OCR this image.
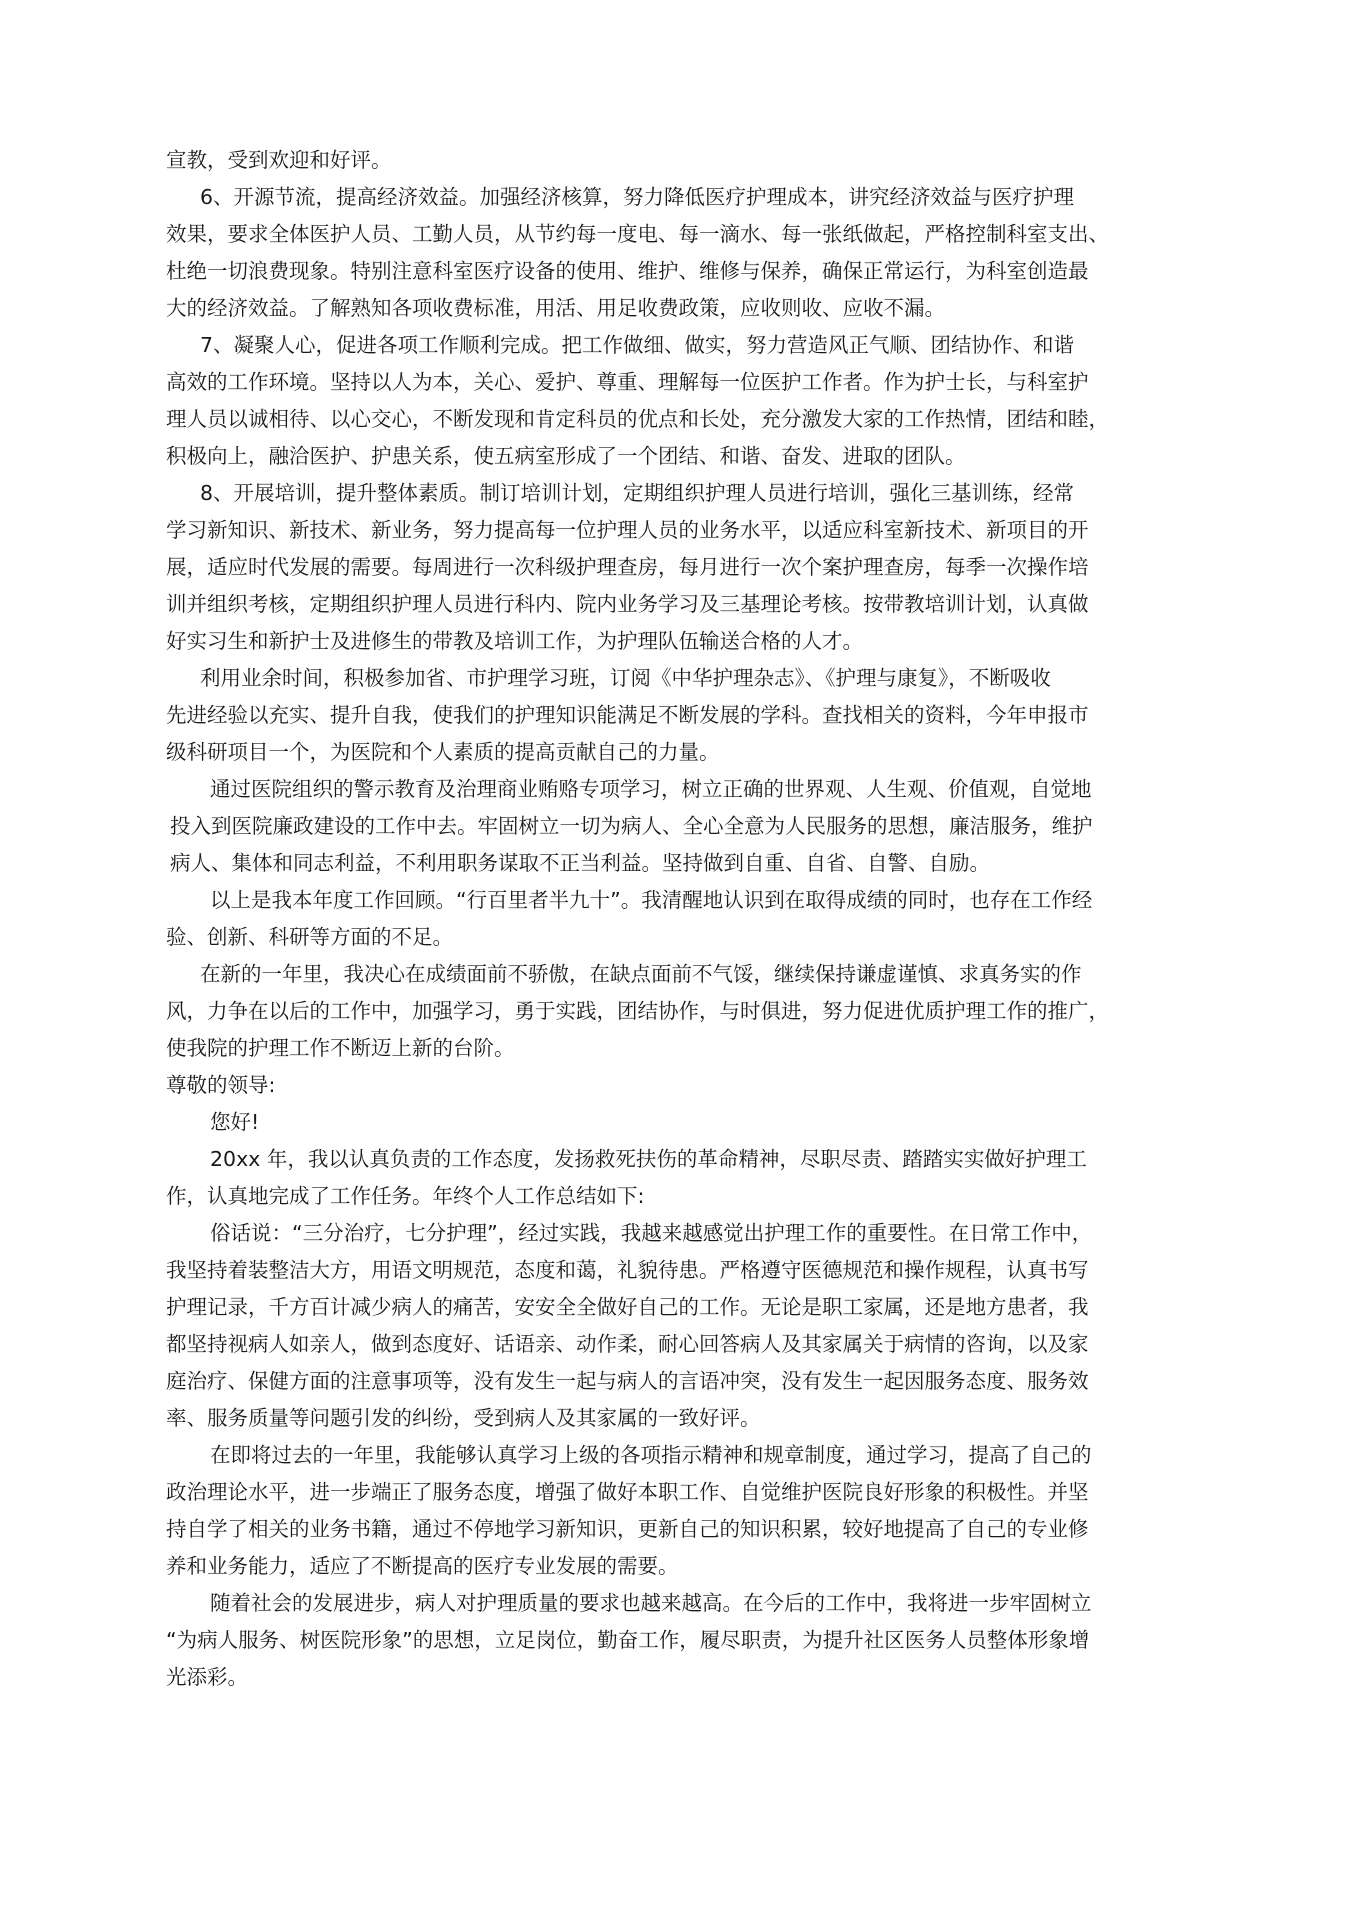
宣教，受到欢迎和好评。
6、开源节流，提高经济效益。加强经济核算，努力降低医疗护理成本，讲究经济效益与医疗护理
效果，要求全体医护人员、工勤人员，从节约每一度电、每一滴水、每一张纸做起，严格控制科室支出、
杜绝一切浪费现象。特别注意科室医疗设备的使用、维护、维修与保养，确保正常运行，为科室创造最
大的经济效益。了解熟知各项收费标准，用活、用足收费政策，应收则收、应收不漏。
7、凝聚人心，促进各项工作顺利完成。把工作做细、做实，努力营造风正气顺、团结协作、和谐
高效的工作环境。坚持以人为本，关心、爱护、尊重、理解每一位医护工作者。作为护士长，与科室护
理人员以诚相待、以心交心，不断发现和肯定科员的优点和长处，充分激发大家的工作热情，团结和睦，
积极向上，融洽医护、护患关系，使五病室形成了一个团结、和谐、奋发、进取的团队。
8、开展培训，提升整体素质。制订培训计划，定期组织护理人员进行培训，强化三基训练，经常
学习新知识、新技术、新业务，努力提高每一位护理人员的业务水平，以适应科室新技术、新项目的开
展，适应时代发展的需要。每周进行一次科级护理查房，每月进行一次个案护理查房，每季一次操作培
训并组织考核，定期组织护理人员进行科内、院内业务学习及三基理论考核。按带教培训计划，认真做
好实习生和新护士及进修生的带教及培训工作，为护理队伍输送合格的人才。
利用业余时间，积极参加省、市护理学习班，订阅《中华护理杂志》、《护理与康复》，不断吸收
先进经验以充实、提升自我，使我们的护理知识能满足不断发展的学科。查找相关的资料，今年申报市
级科研项目一个，为医院和个人素质的提高贡献自己的力量。
通过医院组织的警示教育及治理商业贿赂专项学习，树立正确的世界观、人生观、价值观，自觉地
投入到医院廉政建设的工作中去。牢固树立一切为病人、全心全意为人民服务的思想，廉洁服务，维护
病人、集体和同志利益，不利用职务谋取不正当利益。坚持做到自重、自省、自警、自励。
以上是我本年度工作回顾。“行百里者半九十”。我清醒地认识到在取得成绩的同时，也存在工作经
验、创新、科研等方面的不足。
在新的一年里，我决心在成绩面前不骄傲，在缺点面前不气馁，继续保持谦虚谨慎、求真务实的作
风，力争在以后的工作中，加强学习，勇于实践，团结协作，与时俱进，努力促进优质护理工作的推广，
使我院的护理工作不断迈上新的台阶。
尊敬的领导:
您好!
20xx 年，我以认真负责的工作态度，发扬救死扶伤的革命精神，尽职尽责、踏踏实实做好护理工
作，认真地完成了工作任务。年终个人工作总结如下:
俗话说：“三分治疗，七分护理”，经过实践，我越来越感觉出护理工作的重要性。在日常工作中，
我坚持着装整洁大方，用语文明规范，态度和蔼，礼貌待患。严格遵守医德规范和操作规程，认真书写
护理记录，千方百计减少病人的痛苦，安安全全做好自己的工作。无论是职工家属，还是地方患者，我
都坚持视病人如亲人，做到态度好、话语亲、动作柔，耐心回答病人及其家属关于病情的咨询，以及家
庭治疗、保健方面的注意事项等，没有发生一起与病人的言语冲突，没有发生一起因服务态度、服务效
率、服务质量等问题引发的纠纷，受到病人及其家属的一致好评。
在即将过去的一年里，我能够认真学习上级的各项指示精神和规章制度，通过学习，提高了自己的
政治理论水平，进一步端正了服务态度，增强了做好本职工作、自觉维护医院良好形象的积极性。并坚
持自学了相关的业务书籍，通过不停地学习新知识，更新自己的知识积累，较好地提高了自己的专业修
养和业务能力，适应了不断提高的医疗专业发展的需要。
随着社会的发展进步，病人对护理质量的要求也越来越高。在今后的工作中，我将进一步牢固树立
“为病人服务、树医院形象”的思想，立足岗位，勤奋工作，履尽职责，为提升社区医务人员整体形象增
光添彩。
